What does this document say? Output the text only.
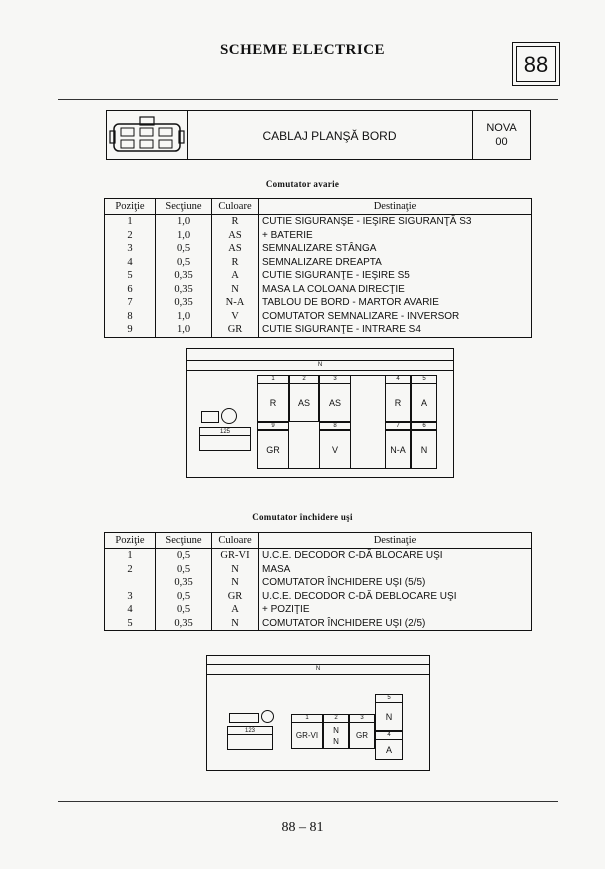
SCHEME ELECTRICE
88
CABLAJ PLANŞĂ BORD
NOVA
00
Comutator avarie
Poziţie	Secţiune	Culoare	Destinaţie
1	1,0	R	CUTIE SIGURANŞE - IEŞIRE SIGURANŢĂ S3
2	1,0	AS	+ BATERIE
3	0,5	AS	SEMNALIZARE STÂNGA
4	0,5	R	SEMNALIZARE DREAPTA
5	0,35	A	CUTIE SIGURANŢE - IEŞIRE S5
6	0,35	N	MASA LA COLOANA DIRECŢIE
7	0,35	N-A	TABLOU DE BORD - MARTOR AVARIE
8	1,0	V	COMUTATOR SEMNALIZARE - INVERSOR
9	1,0	GR	CUTIE SIGURANŢE - INTRARE S4
N
1	2	3	4	5
R	AS	AS	R	A
9	8	7	6
GR	V	N-A	N
125
Comutator închidere uşi
Poziţie	Secţiune	Culoare	Destinaţie
1	0,5	GR-VI	U.C.E. DECODOR C-DĂ BLOCARE UŞI
2	0,5	N	MASA
	0,35	N	COMUTATOR ÎNCHIDERE UŞI (5/5)
3	0,5	GR	U.C.E. DECODOR C-DĂ DEBLOCARE UŞI
4	0,5	A	+ POZIŢIE
5	0,35	N	COMUTATOR ÎNCHIDERE UŞI (2/5)
N
5
N
4
A
1	2	3
GR-VI
N
N
GR
123
88 – 81
